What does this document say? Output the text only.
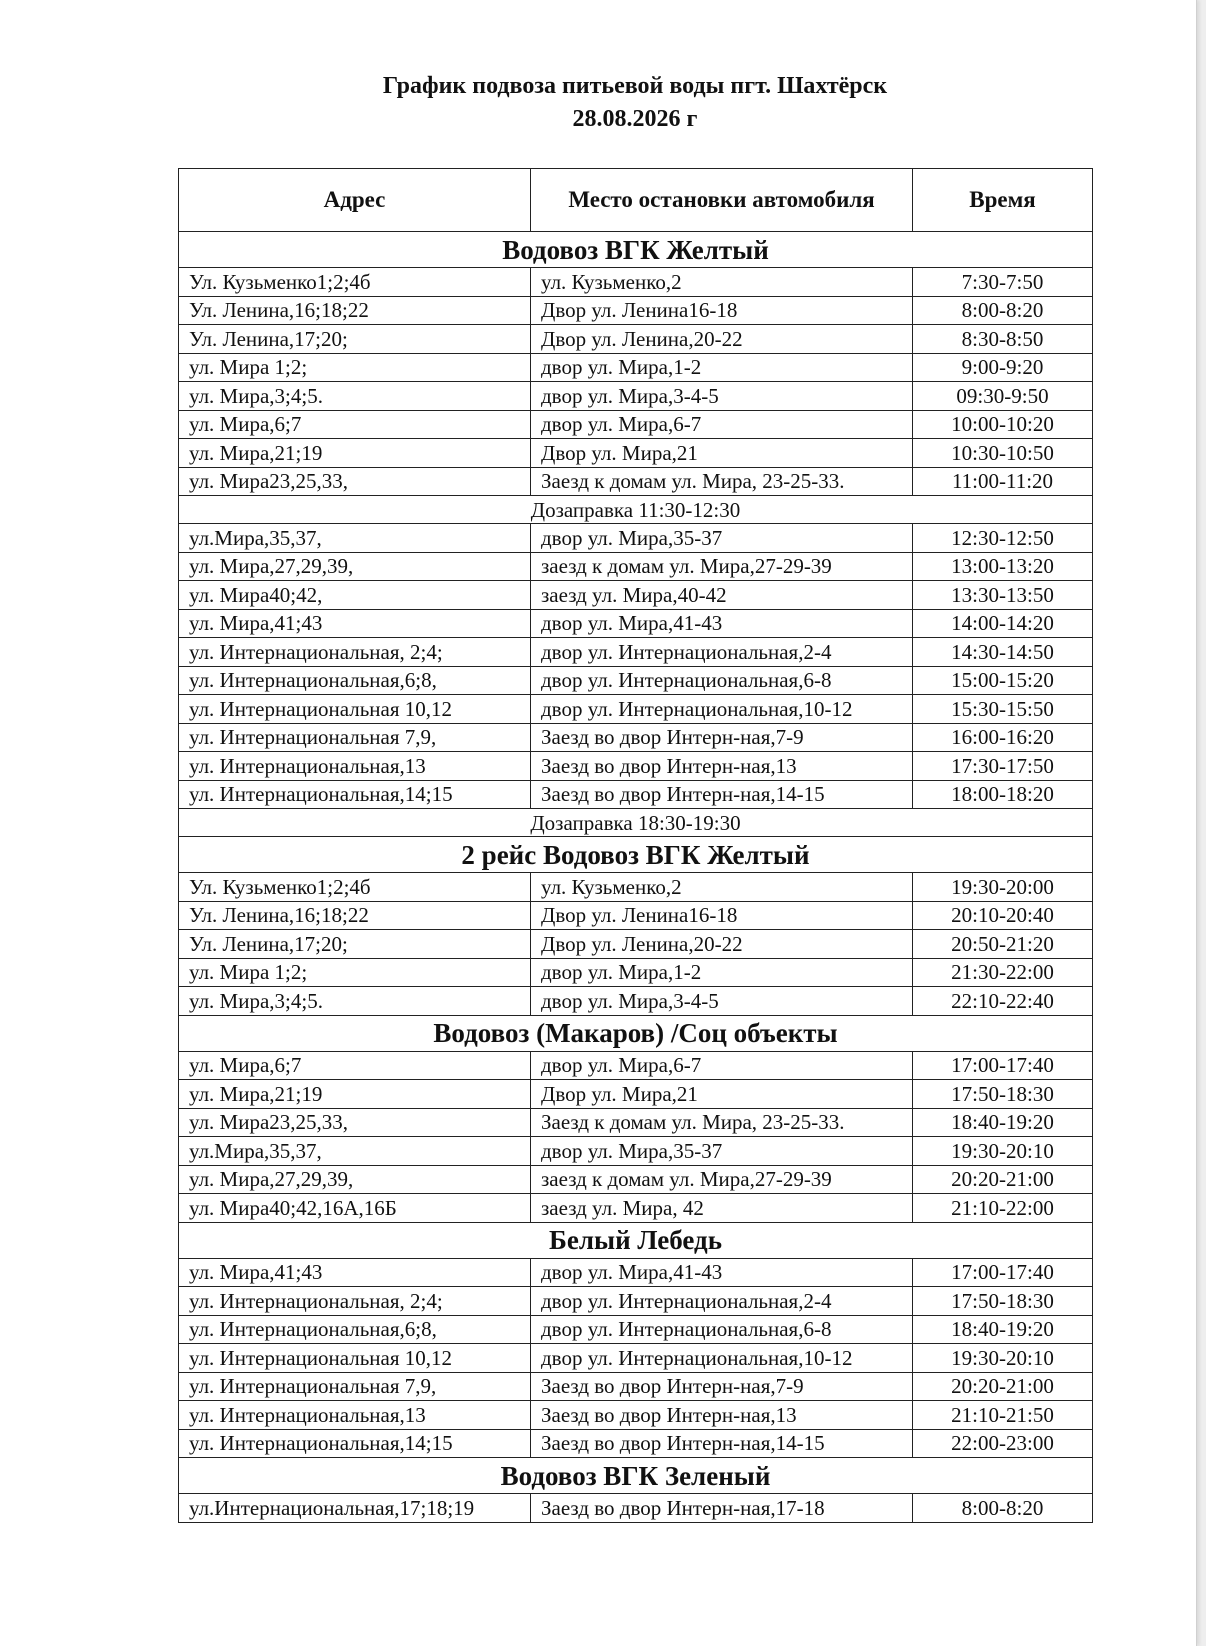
График подвоза питьевой воды пгт. Шахтёрск
28.08.2026 г
Адрес	Место остановки автомобиля	Время
Водовоз ВГК Желтый		
Ул. Кузьменко1;2;4б	ул. Кузьменко,2	7:30-7:50
Ул. Ленина,16;18;22	Двор ул. Ленина16-18	8:00-8:20
Ул. Ленина,17;20;	Двор ул. Ленина,20-22	8:30-8:50
ул. Мира 1;2;	двор ул. Мира,1-2	9:00-9:20
ул. Мира,3;4;5.	двор ул. Мира,3-4-5	09:30-9:50
ул. Мира,6;7	двор ул. Мира,6-7	10:00-10:20
ул. Мира,21;19	Двор ул. Мира,21	10:30-10:50
ул. Мира23,25,33,	Заезд к домам ул. Мира, 23-25-33.	11:00-11:20
Дозаправка 11:30-12:30		
ул.Мира,35,37,	двор ул. Мира,35-37	12:30-12:50
ул. Мира,27,29,39,	заезд к домам ул. Мира,27-29-39	13:00-13:20
ул. Мира40;42,	заезд ул. Мира,40-42	13:30-13:50
ул. Мира,41;43	двор ул. Мира,41-43	14:00-14:20
ул. Интернациональная, 2;4;	двор ул. Интернациональная,2-4	14:30-14:50
ул. Интернациональная,6;8,	двор ул. Интернациональная,6-8	15:00-15:20
ул. Интернациональная 10,12	двор ул. Интернациональная,10-12	15:30-15:50
ул. Интернациональная 7,9,	Заезд во двор Интерн-ная,7-9	16:00-16:20
ул. Интернациональная,13	Заезд во двор Интерн-ная,13	17:30-17:50
ул. Интернациональная,14;15	Заезд во двор Интерн-ная,14-15	18:00-18:20
Дозаправка 18:30-19:30		
2 рейс Водовоз ВГК Желтый		
Ул. Кузьменко1;2;4б	ул. Кузьменко,2	19:30-20:00
Ул. Ленина,16;18;22	Двор ул. Ленина16-18	20:10-20:40
Ул. Ленина,17;20;	Двор ул. Ленина,20-22	20:50-21:20
ул. Мира 1;2;	двор ул. Мира,1-2	21:30-22:00
ул. Мира,3;4;5.	двор ул. Мира,3-4-5	22:10-22:40
Водовоз (Макаров) /Соц объекты		
ул. Мира,6;7	двор ул. Мира,6-7	17:00-17:40
ул. Мира,21;19	Двор ул. Мира,21	17:50-18:30
ул. Мира23,25,33,	Заезд к домам ул. Мира, 23-25-33.	18:40-19:20
ул.Мира,35,37,	двор ул. Мира,35-37	19:30-20:10
ул. Мира,27,29,39,	заезд к домам ул. Мира,27-29-39	20:20-21:00
ул. Мира40;42,16А,16Б	заезд ул. Мира, 42	21:10-22:00
Белый Лебедь		
ул. Мира,41;43	двор ул. Мира,41-43	17:00-17:40
ул. Интернациональная, 2;4;	двор ул. Интернациональная,2-4	17:50-18:30
ул. Интернациональная,6;8,	двор ул. Интернациональная,6-8	18:40-19:20
ул. Интернациональная 10,12	двор ул. Интернациональная,10-12	19:30-20:10
ул. Интернациональная 7,9,	Заезд во двор Интерн-ная,7-9	20:20-21:00
ул. Интернациональная,13	Заезд во двор Интерн-ная,13	21:10-21:50
ул. Интернациональная,14;15	Заезд во двор Интерн-ная,14-15	22:00-23:00
Водовоз ВГК Зеленый		
ул.Интернациональная,17;18;19	Заезд во двор Интерн-ная,17-18	8:00-8:20
